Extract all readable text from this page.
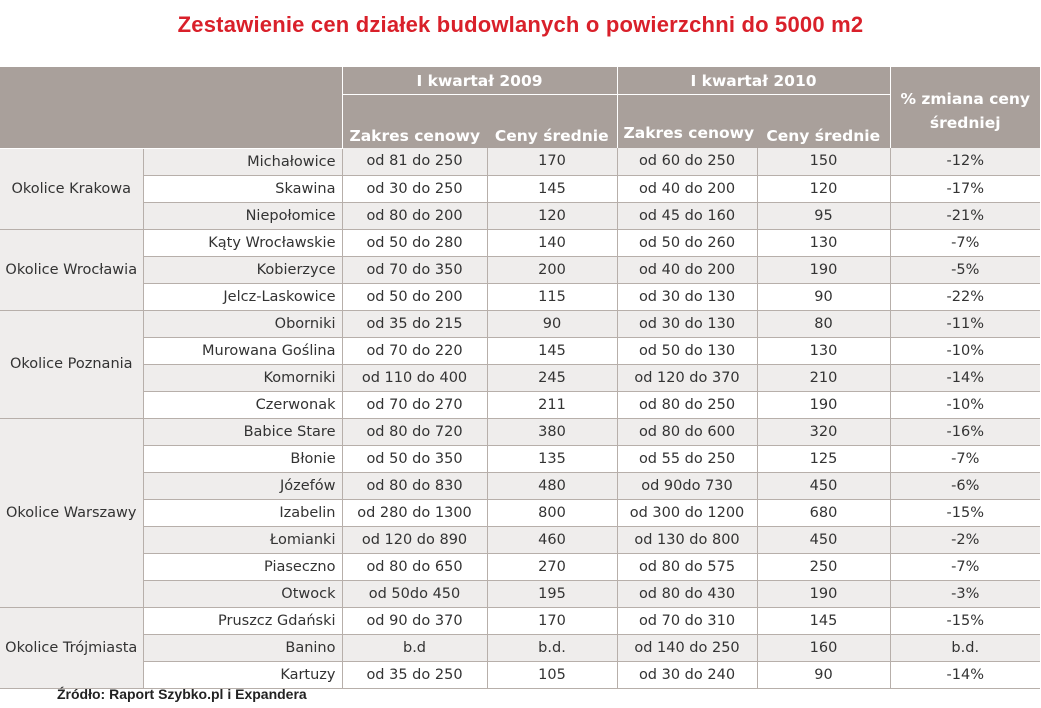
Zestawienie cen działek budowlanych o powierzchni do 5000 m2
		I kwartał 2009		I kwartał 2010		% zmiana ceny średniej
		Zakres cenowy	Ceny średnie	Zakres cenowy	Ceny średnie	
Okolice Krakowa	Michałowice	od 81 do 250	170	od 60 do 250	150	-12%
	Skawina	od 30 do 250	145	od 40 do 200	120	-17%
	Niepołomice	od 80 do 200	120	od 45 do 160	95	-21%
Okolice Wrocławia	Kąty Wrocławskie	od 50 do 280	140	od 50 do 260	130	-7%
	Kobierzyce	od 70 do 350	200	od 40 do 200	190	-5%
	Jelcz-Laskowice	od 50 do 200	115	od 30 do 130	90	-22%
Okolice Poznania	Oborniki	od 35 do 215	90	od 30 do 130	80	-11%
	Murowana Goślina	od 70 do 220	145	od 50 do 130	130	-10%
	Komorniki	od 110 do 400	245	od 120 do 370	210	-14%
	Czerwonak	od 70 do 270	211	od 80 do 250	190	-10%
Okolice Warszawy	Babice Stare	od 80 do 720	380	od 80 do 600	320	-16%
	Błonie	od 50 do 350	135	od 55 do 250	125	-7%
	Józefów	od 80 do 830	480	od 90do 730	450	-6%
	Izabelin	od 280 do 1300	800	od 300 do 1200	680	-15%
	Łomianki	od 120 do 890	460	od 130 do 800	450	-2%
	Piaseczno	od 80 do 650	270	od 80 do 575	250	-7%
	Otwock	od 50do 450	195	od 80 do 430	190	-3%
Okolice Trójmiasta	Pruszcz Gdański	od 90 do 370	170	od 70 do 310	145	-15%
	Banino	b.d	b.d.	od 140 do 250	160	b.d.
	Kartuzy	od 35 do 250	105	od 30 do 240	90	-14%
Źródło: Raport Szybko.pl i Expandera
